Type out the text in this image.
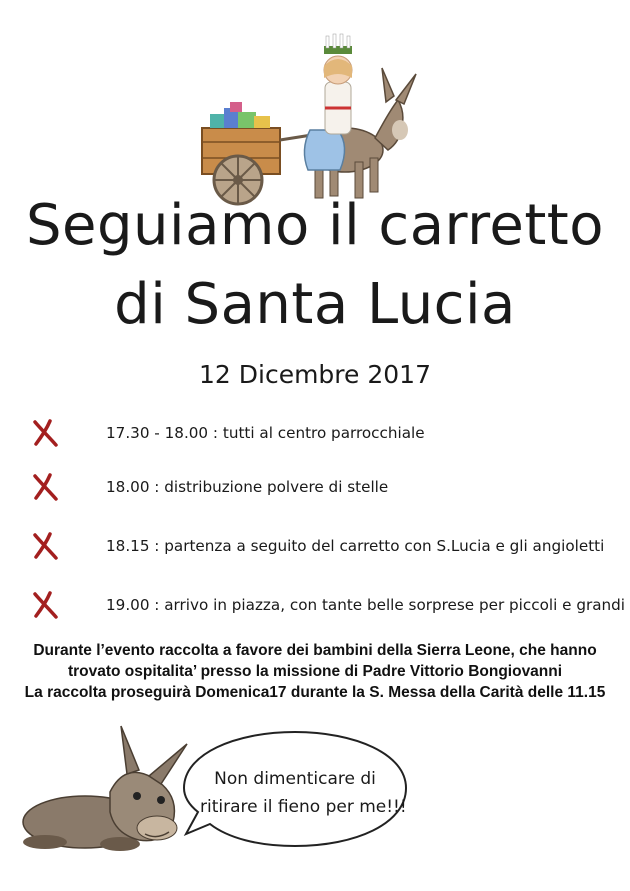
Seguiamo il carretto
di Santa Lucia
12 Dicembre 2017
17.30 - 18.00 : tutti al centro parrocchiale
18.00 : distribuzione polvere di stelle
18.15 : partenza a seguito del carretto con S.Lucia e gli angioletti
19.00 : arrivo in piazza, con tante belle sorprese per piccoli e grandi
Durante l’evento raccolta a favore dei bambini della Sierra Leone, che hanno
trovato ospitalita’ presso la missione di Padre Vittorio Bongiovanni
La raccolta proseguirà Domenica17 durante la S. Messa della Carità delle 11.15
Non dimenticare di
ritirare il fieno per me!!!
